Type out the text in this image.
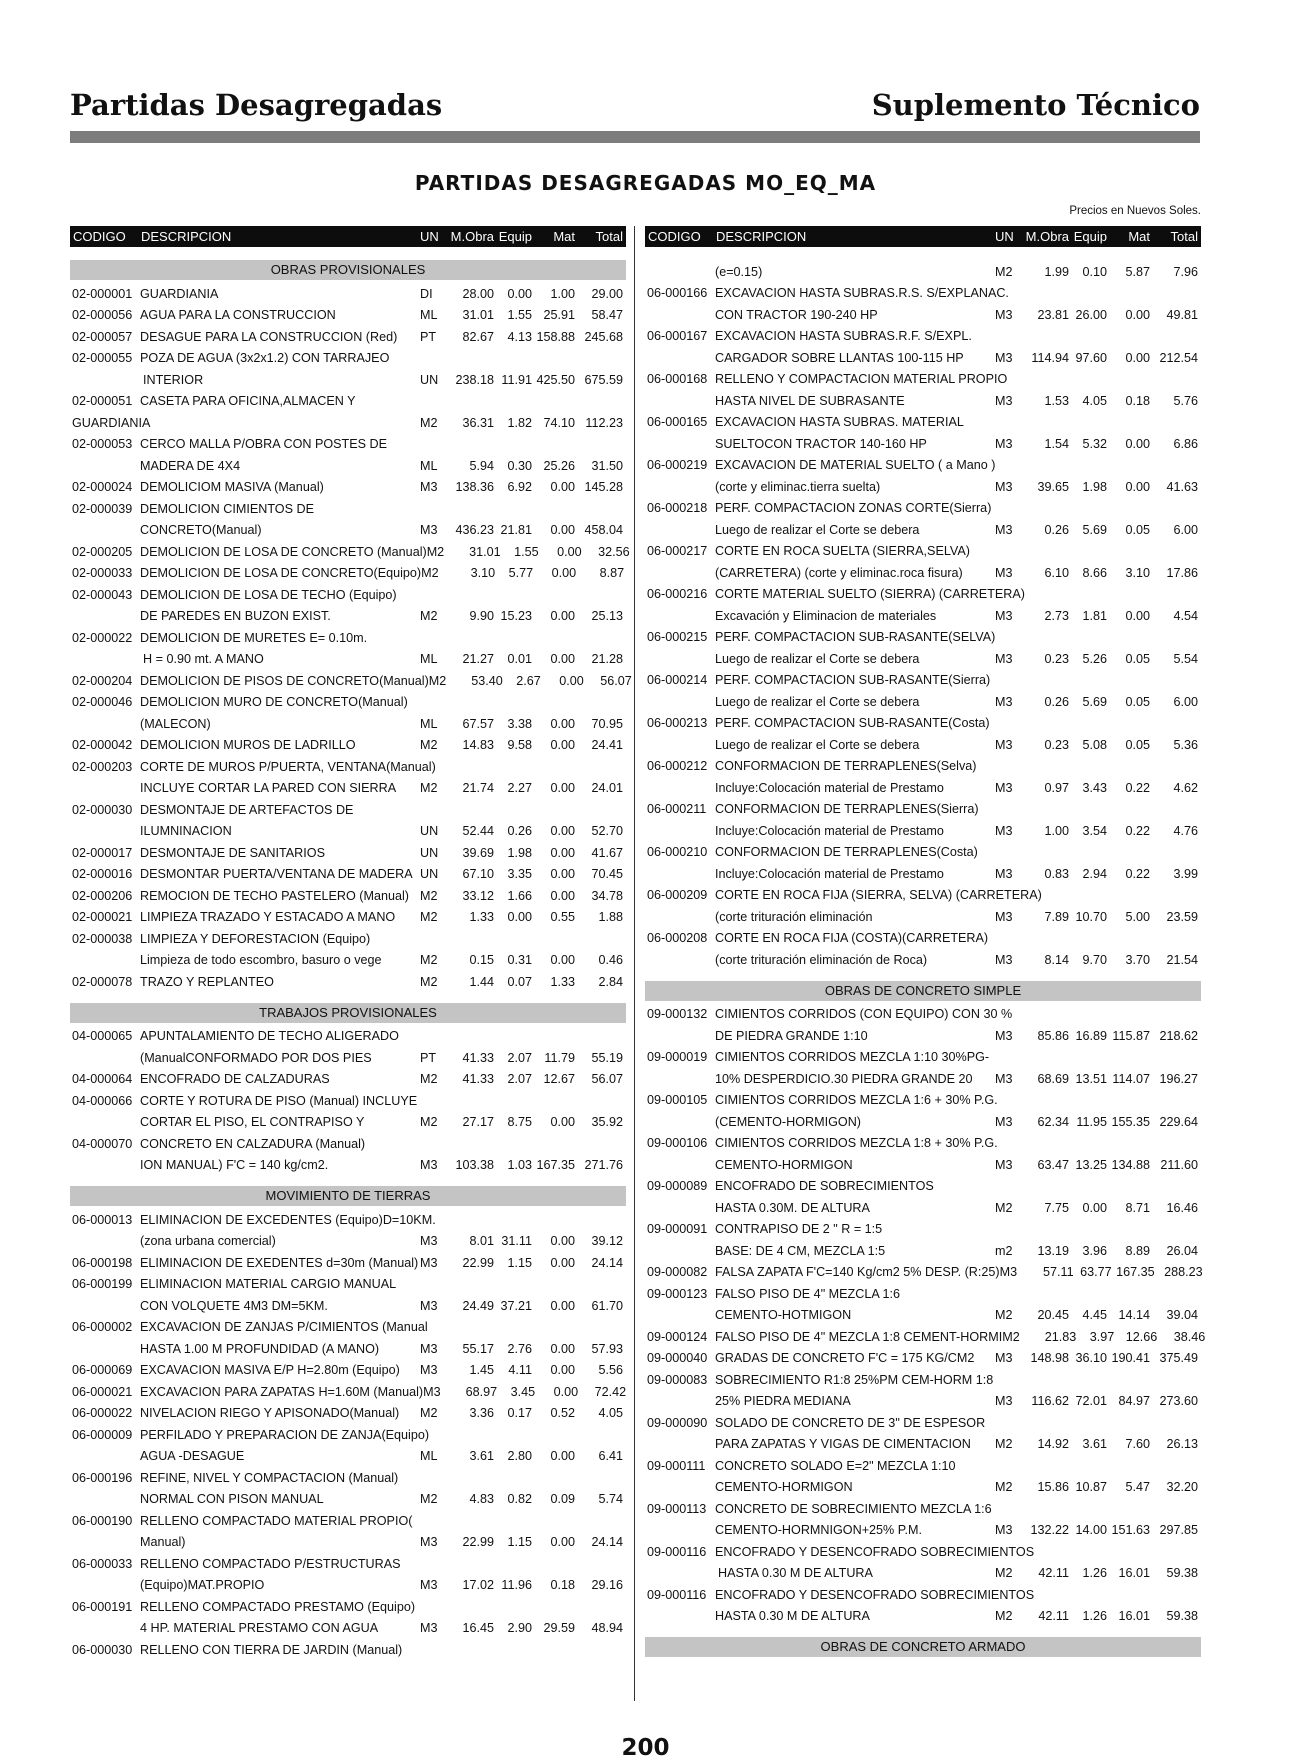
Partidas Desagregadas	Suplemento Técnico
PARTIDAS DESAGREGADAS MO_EQ_MA
Precios en Nuevos Soles.
CODIGO	DESCRIPCION	UN M.Obra Equip	Mat	Total
OBRAS PROVISIONALES
02-000001 GUARDIANIA	DI	28.00	0.00	1.00	29.00
02-000056 AGUA PARA LA CONSTRUCCION	ML	31.01	1.55 25.91	58.47
02-000057 DESAGUE PARA LA CONSTRUCCION (Red)	PT	82.67	4.13 158.88 245.68
02-000055 POZA DE AGUA (3x2x1.2) CON TARRAJEO
INTERIOR	UN	238.18 11.91 425.50 675.59
02-000051 CASETA PARA OFICINA,ALMACEN Y
GUARDIANIA	M2	36.31	1.82 74.10 112.23
02-000053 CERCO MALLA P/OBRA CON POSTES DE
MADERA DE 4X4	ML	5.94	0.30 25.26	31.50
02-000024 DEMOLICIOM MASIVA (Manual)	M3	138.36	6.92	0.00 145.28
02-000039 DEMOLICION CIMIENTOS DE
CONCRETO(Manual)	M3	436.23 21.81	0.00 458.04
02-000205 DEMOLICION DE LOSA DE CONCRETO (Manual) M2	31.01	1.55	0.00	32.56
02-000033 DEMOLICION DE LOSA DE CONCRETO(Equipo) M2	3.10	5.77	0.00	8.87
02-000043 DEMOLICION DE LOSA DE TECHO (Equipo)
DE PAREDES EN BUZON EXIST.	M2	9.90 15.23	0.00	25.13
02-000022 DEMOLICION DE MURETES E= 0.10m.
H = 0.90 mt. A MANO	ML	21.27	0.01	0.00	21.28
02-000204 DEMOLICION DE PISOS DE CONCRETO(Manual) M2	53.40	2.67	0.00	56.07
02-000046 DEMOLICION MURO DE CONCRETO(Manual)
(MALECON)	ML	67.57	3.38	0.00	70.95
02-000042 DEMOLICION MUROS DE LADRILLO	M2	14.83	9.58	0.00	24.41
02-000203 CORTE DE MUROS P/PUERTA, VENTANA(Manual)
INCLUYE CORTAR LA PARED CON SIERRA	M2	21.74	2.27	0.00	24.01
02-000030 DESMONTAJE DE ARTEFACTOS DE
ILUMNINACION	UN	52.44	0.26	0.00	52.70
02-000017 DESMONTAJE DE SANITARIOS	UN	39.69	1.98	0.00	41.67
02-000016 DESMONTAR PUERTA/VENTANA DE MADERA UN	67.10	3.35	0.00	70.45
02-000206 REMOCION DE TECHO PASTELERO (Manual) M2	33.12	1.66	0.00	34.78
02-000021 LIMPIEZA TRAZADO Y ESTACADO A MANO	M2	1.33	0.00	0.55	1.88
02-000038 LIMPIEZA Y DEFORESTACION (Equipo)
Limpieza de todo escombro, basuro o vege	M2	0.15	0.31	0.00	0.46
02-000078 TRAZO Y REPLANTEO	M2	1.44	0.07	1.33	2.84
TRABAJOS PROVISIONALES
04-000065 APUNTALAMIENTO DE TECHO ALIGERADO
(ManualCONFORMADO POR DOS PIES	PT	41.33	2.07 11.79	55.19
04-000064 ENCOFRADO DE CALZADURAS	M2	41.33	2.07 12.67	56.07
04-000066 CORTE Y ROTURA DE PISO (Manual) INCLUYE
CORTAR EL PISO, EL CONTRAPISO Y	M2	27.17	8.75	0.00	35.92
04-000070 CONCRETO EN CALZADURA (Manual)
ION MANUAL) F'C = 140 kg/cm2.	M3	103.38	1.03 167.35 271.76
MOVIMIENTO DE TIERRAS
06-000013 ELIMINACION DE EXCEDENTES (Equipo)D=10KM.
(zona urbana comercial)	M3	8.01 31.11	0.00	39.12
06-000198 ELIMINACION DE EXEDENTES d=30m (Manual) M3	22.99	1.15	0.00	24.14
06-000199 ELIMINACION MATERIAL CARGIO MANUAL
CON VOLQUETE 4M3 DM=5KM.	M3	24.49 37.21	0.00	61.70
06-000002 EXCAVACION DE ZANJAS P/CIMIENTOS (Manual
HASTA 1.00 M PROFUNDIDAD (A MANO)	M3	55.17	2.76	0.00	57.93
06-000069 EXCAVACION MASIVA E/P H=2.80m (Equipo)	M3	1.45	4.11	0.00	5.56
06-000021 EXCAVACION PARA ZAPATAS H=1.60M (Manual) M3	68.97	3.45	0.00	72.42
06-000022 NIVELACION RIEGO Y APISONADO(Manual)	M2	3.36	0.17	0.52	4.05
06-000009 PERFILADO Y PREPARACION DE ZANJA(Equipo)
AGUA -DESAGUE	ML	3.61	2.80	0.00	6.41
06-000196 REFINE, NIVEL Y COMPACTACION (Manual)
NORMAL CON PISON MANUAL	M2	4.83	0.82	0.09	5.74
06-000190 RELLENO COMPACTADO MATERIAL PROPIO(
Manual)	M3	22.99	1.15	0.00	24.14
06-000033 RELLENO COMPACTADO P/ESTRUCTURAS
(Equipo)MAT.PROPIO	M3	17.02 11.96	0.18	29.16
06-000191 RELLENO COMPACTADO PRESTAMO (Equipo)
4 HP. MATERIAL PRESTAMO CON AGUA	M3	16.45	2.90 29.59	48.94
06-000030 RELLENO CON TIERRA DE JARDIN (Manual)
CODIGO	DESCRIPCION	UN M.Obra Equip	Mat	Total
(e=0.15)	M2	1.99	0.10	5.87	7.96
06-000166 EXCAVACION HASTA SUBRAS.R.S. S/EXPLANAC.
CON TRACTOR 190-240 HP	M3	23.81 26.00	0.00	49.81
06-000167 EXCAVACION HASTA SUBRAS.R.F. S/EXPL.
CARGADOR SOBRE LLANTAS 100-115 HP	M3	114.94 97.60	0.00 212.54
06-000168 RELLENO Y COMPACTACION MATERIAL PROPIO
HASTA NIVEL DE SUBRASANTE	M3	1.53	4.05	0.18	5.76
06-000165 EXCAVACION HASTA SUBRAS. MATERIAL
SUELTOCON TRACTOR 140-160 HP	M3	1.54	5.32	0.00	6.86
06-000219 EXCAVACION DE MATERIAL SUELTO ( a Mano )
(corte y eliminac.tierra suelta)	M3	39.65	1.98	0.00	41.63
06-000218 PERF. COMPACTACION ZONAS CORTE(Sierra)
Luego de realizar el Corte se debera	M3	0.26	5.69	0.05	6.00
06-000217 CORTE EN ROCA SUELTA (SIERRA,SELVA)
(CARRETERA) (corte y eliminac.roca fisura)	M3	6.10	8.66	3.10	17.86
06-000216 CORTE MATERIAL SUELTO (SIERRA) (CARRETERA)
Excavación y Eliminacion de materiales	M3	2.73	1.81	0.00	4.54
06-000215 PERF. COMPACTACION SUB-RASANTE(SELVA)
Luego de realizar el Corte se debera	M3	0.23	5.26	0.05	5.54
06-000214 PERF. COMPACTACION SUB-RASANTE(Sierra)
Luego de realizar el Corte se debera	M3	0.26	5.69	0.05	6.00
06-000213 PERF. COMPACTACION SUB-RASANTE(Costa)
Luego de realizar el Corte se debera	M3	0.23	5.08	0.05	5.36
06-000212 CONFORMACION DE TERRAPLENES(Selva)
Incluye:Colocación material de Prestamo	M3	0.97	3.43	0.22	4.62
06-000211 CONFORMACION DE TERRAPLENES(Sierra)
Incluye:Colocación material de Prestamo	M3	1.00	3.54	0.22	4.76
06-000210 CONFORMACION DE TERRAPLENES(Costa)
Incluye:Colocación material de Prestamo	M3	0.83	2.94	0.22	3.99
06-000209 CORTE EN ROCA FIJA (SIERRA, SELVA) (CARRETERA)
(corte trituración eliminación	M3	7.89 10.70	5.00	23.59
06-000208 CORTE EN ROCA FIJA (COSTA)(CARRETERA)
(corte trituración eliminación de Roca)	M3	8.14	9.70	3.70	21.54
OBRAS DE CONCRETO SIMPLE
09-000132 CIMIENTOS CORRIDOS (CON EQUIPO) CON 30 %
DE PIEDRA GRANDE 1:10	M3	85.86 16.89 115.87 218.62
09-000019 CIMIENTOS CORRIDOS MEZCLA 1:10 30%PG-
10% DESPERDICIO.30 PIEDRA GRANDE 20	M3	68.69 13.51 114.07 196.27
09-000105 CIMIENTOS CORRIDOS MEZCLA 1:6 + 30% P.G.
(CEMENTO-HORMIGON)	M3	62.34 11.95 155.35 229.64
09-000106 CIMIENTOS CORRIDOS MEZCLA 1:8 + 30% P.G.
CEMENTO-HORMIGON	M3	63.47 13.25 134.88 211.60
09-000089 ENCOFRADO DE SOBRECIMIENTOS
HASTA 0.30M. DE ALTURA	M2	7.75	0.00	8.71	16.46
09-000091 CONTRAPISO DE 2 " R = 1:5
BASE: DE 4 CM, MEZCLA 1:5	m2	13.19	3.96	8.89	26.04
09-000082 FALSA ZAPATA F'C=140 Kg/cm2 5% DESP. (R:25) M3	57.11 63.77 167.35 288.23
09-000123 FALSO PISO DE 4" MEZCLA 1:6
CEMENTO-HOTMIGON	M2	20.45	4.45 14.14	39.04
09-000124 FALSO PISO DE 4" MEZCLA 1:8 CEMENT-HORMI M2	21.83	3.97 12.66	38.46
09-000040 GRADAS DE CONCRETO F'C = 175 KG/CM2	M3	148.98 36.10 190.41 375.49
09-000083 SOBRECIMIENTO R1:8 25%PM CEM-HORM 1:8
25% PIEDRA MEDIANA	M3	116.62 72.01 84.97 273.60
09-000090 SOLADO DE CONCRETO DE 3" DE ESPESOR
PARA ZAPATAS Y VIGAS DE CIMENTACION	M2	14.92	3.61	7.60	26.13
09-000111 CONCRETO SOLADO E=2" MEZCLA 1:10
CEMENTO-HORMIGON	M2	15.86 10.87	5.47	32.20
09-000113 CONCRETO DE SOBRECIMIENTO MEZCLA 1:6
CEMENTO-HORMNIGON+25% P.M.	M3	132.22 14.00 151.63 297.85
09-000116 ENCOFRADO Y DESENCOFRADO SOBRECIMIENTOS
HASTA 0.30 M DE ALTURA	M2	42.11	1.26 16.01	59.38
09-000116 ENCOFRADO Y DESENCOFRADO SOBRECIMIENTOS
HASTA 0.30 M DE ALTURA	M2	42.11	1.26 16.01	59.38
OBRAS DE CONCRETO ARMADO
200
